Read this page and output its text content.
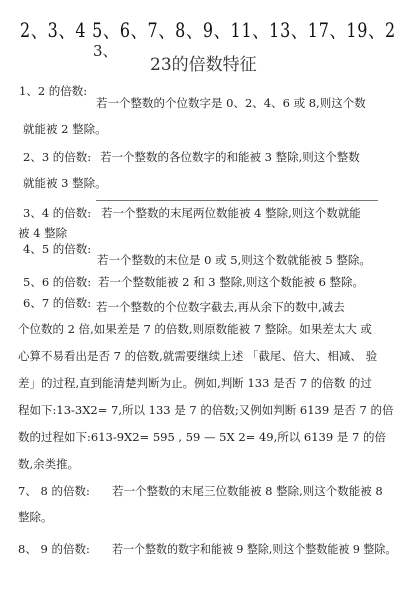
2、3、4 5、6、7、8、9、11、13、17、19、2
3、
23的倍数特征
1、2 的倍数:
若一个整数的个位数字是 0、2、4、6 或 8,则这个数
就能被 2 整除。
2、3 的倍数: 若一个整数的各位数字的和能被 3 整除,则这个整数
就能被 3 整除。
3、4 的倍数: 若一个整数的末尾两位数能被 4 整除,则这个数就能
被 4 整除
4、5 的倍数:
若一个整数的末位是 0 或 5,则这个数就能被 5 整除。
5、6 的倍数: 若一个整数能被 2 和 3 整除,则这个数能被 6 整除。
6、7 的倍数: 若一个整数的个位数字截去,再从余下的数中,减去
个位数的 2 倍,如果差是 7 的倍数,则原数能被 7 整除。如果差太大 或
心算不易看出是否 7 的倍数,就需要继续上述 「截尾、倍大、相减、 验
差」的过程,直到能清楚判断为止。例如,判断 133 是否 7 的倍数 的过
程如下:13-3X2= 7,所以 133 是 7 的倍数;又例如判断 6139 是否 7 的倍
数的过程如下:613-9X2= 595 , 59 — 5X 2= 49,所以 6139 是 7 的倍
数,余类推。
7、 8 的倍数: 若一个整数的末尾三位数能被 8 整除,则这个数能被 8
整除。
8、 9 的倍数: 若一个整数的数字和能被 9 整除,则这个整数能被 9 整除。
